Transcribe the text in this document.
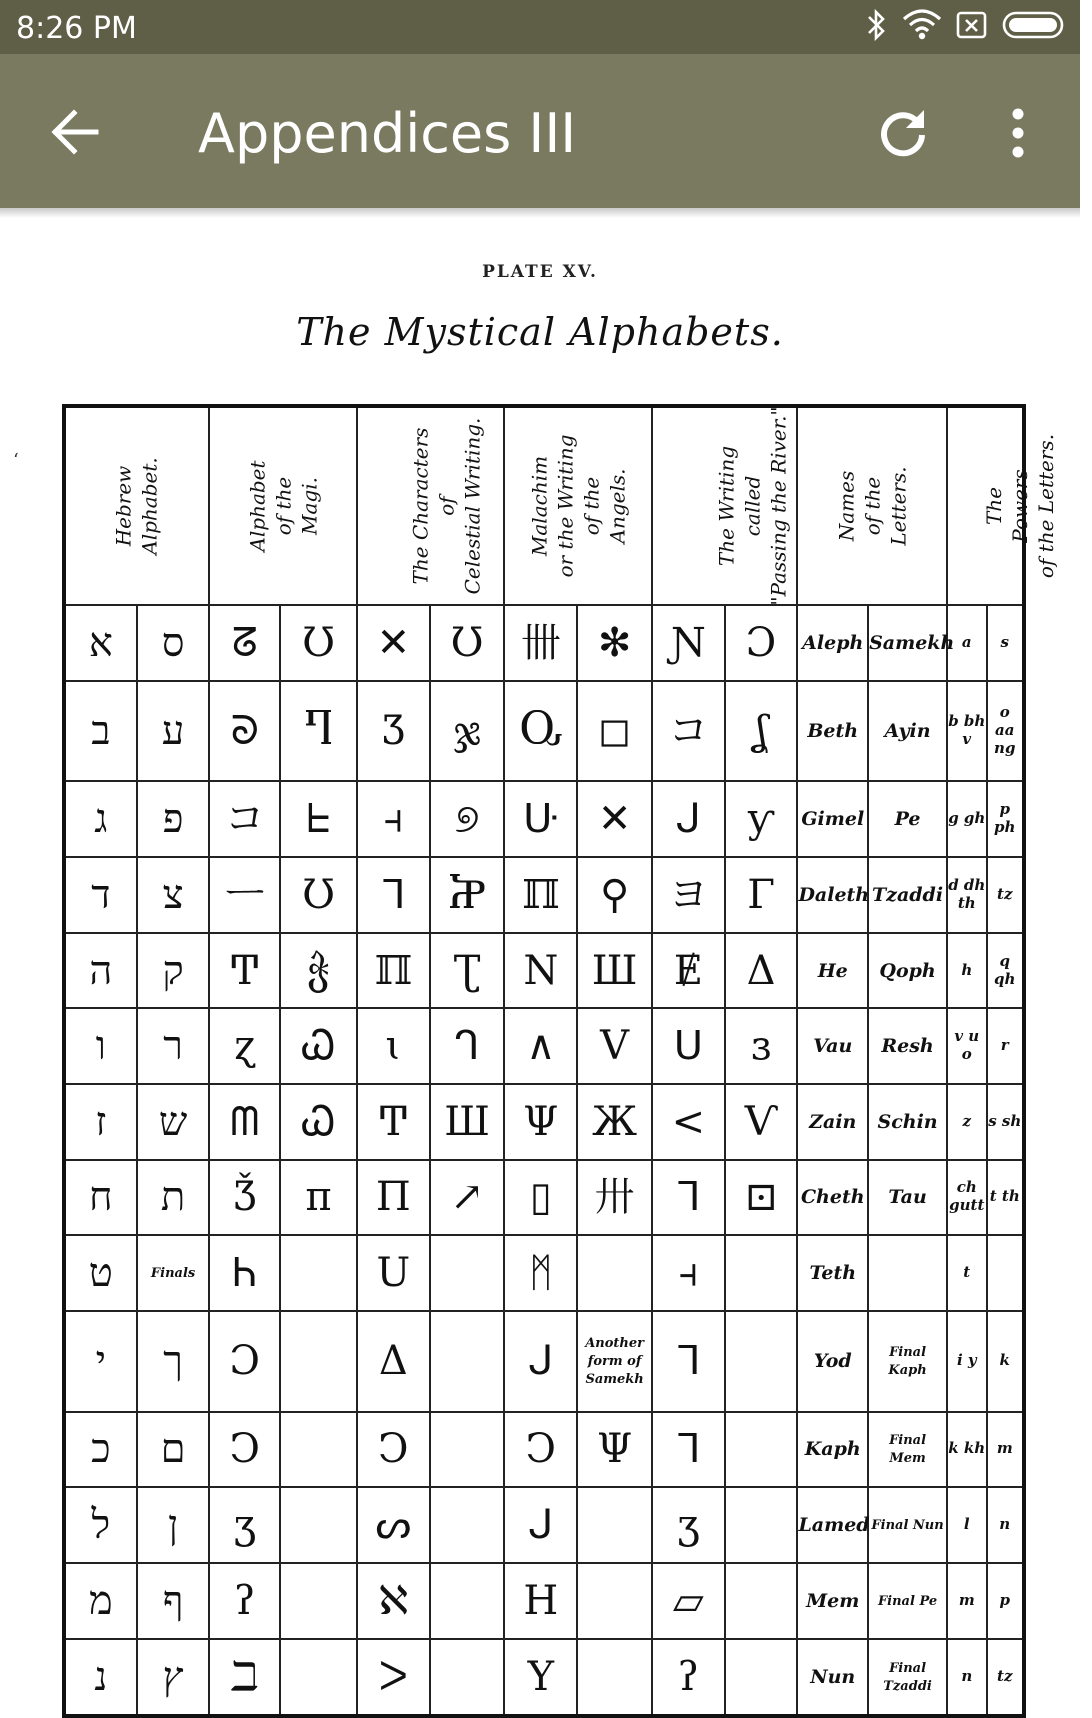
8:26 PM
Appendices III
PLATE XV.
The Mystical Alphabets.
‘
Hebrew Alphabet.		Alphabet of the Magi.		The Characters of Celestial Writing.		Malachim or the Writing of the Angels.		The Writing called "Passing the River."		Names of the Letters.		The Powers of the Letters.	

א	ס	ᘔ	Ʊ	✕	Ʊ	卌	✻	Ɲ	Ɔ	Aleph	Samekh	a	s
ב	ע	ᘐ	Ⴄ	Ʒ	ჯ	Ⴍ	◻	コ	ʆ	Beth	Ayin	b bh v	o aa ng
ג	פ	コ	ᖶ	⫞	୭	ᑘ	✕	ᒍ	ƴ	Gimel	Pe	g gh	p ph
ד	צ	ㅡ	Ʊ	ᒣ	Ⴟ	ℿ	⚲	ヨ	Γ	Daleth	Tzaddi	d dh th	tz
ה	ק	Ͳ	ჭ	ℿ	Ʈ	N	Ш	Ɇ	Δ	He	Qoph	h	q qh
ו	ר	ɀ	Ꮗ	ɩ	ᒉ	∧	V	ᑌ	ɜ	Vau	Resh	v u o	r
ז	ש	ᗰ	Ꮗ	Ͳ	Ш	Ψ	Ж	<	Ѵ	Zain	Schin	z	s sh
ח	ת	Ǯ	ᴨ	Π	↗	▯	卅	ᒣ	⊡	Cheth	Tau	ch gutt	t th
ט	Finals	Ꮒ		U		ᛗ		⫞		Teth		t	
י	ך	Ɔ		Δ		ᒍ	Another form of Samekh	ᒣ		Yod	Final Kaph	i y	k
כ	ם	Ͻ		Ͻ		Ͻ	Ψ	ᒣ		Kaph	Final Mem	k kh	m
ל	ן	ʒ		ᔕ		ᒍ		ʒ		Lamed	Final Nun	l	n
מ	ף	ʔ		ℵ		H		▱		Mem	Final Pe	m	p
נ	ץ	ℶ		ᐳ		Y		ʔ		Nun	Final Tzaddi	n	tz
